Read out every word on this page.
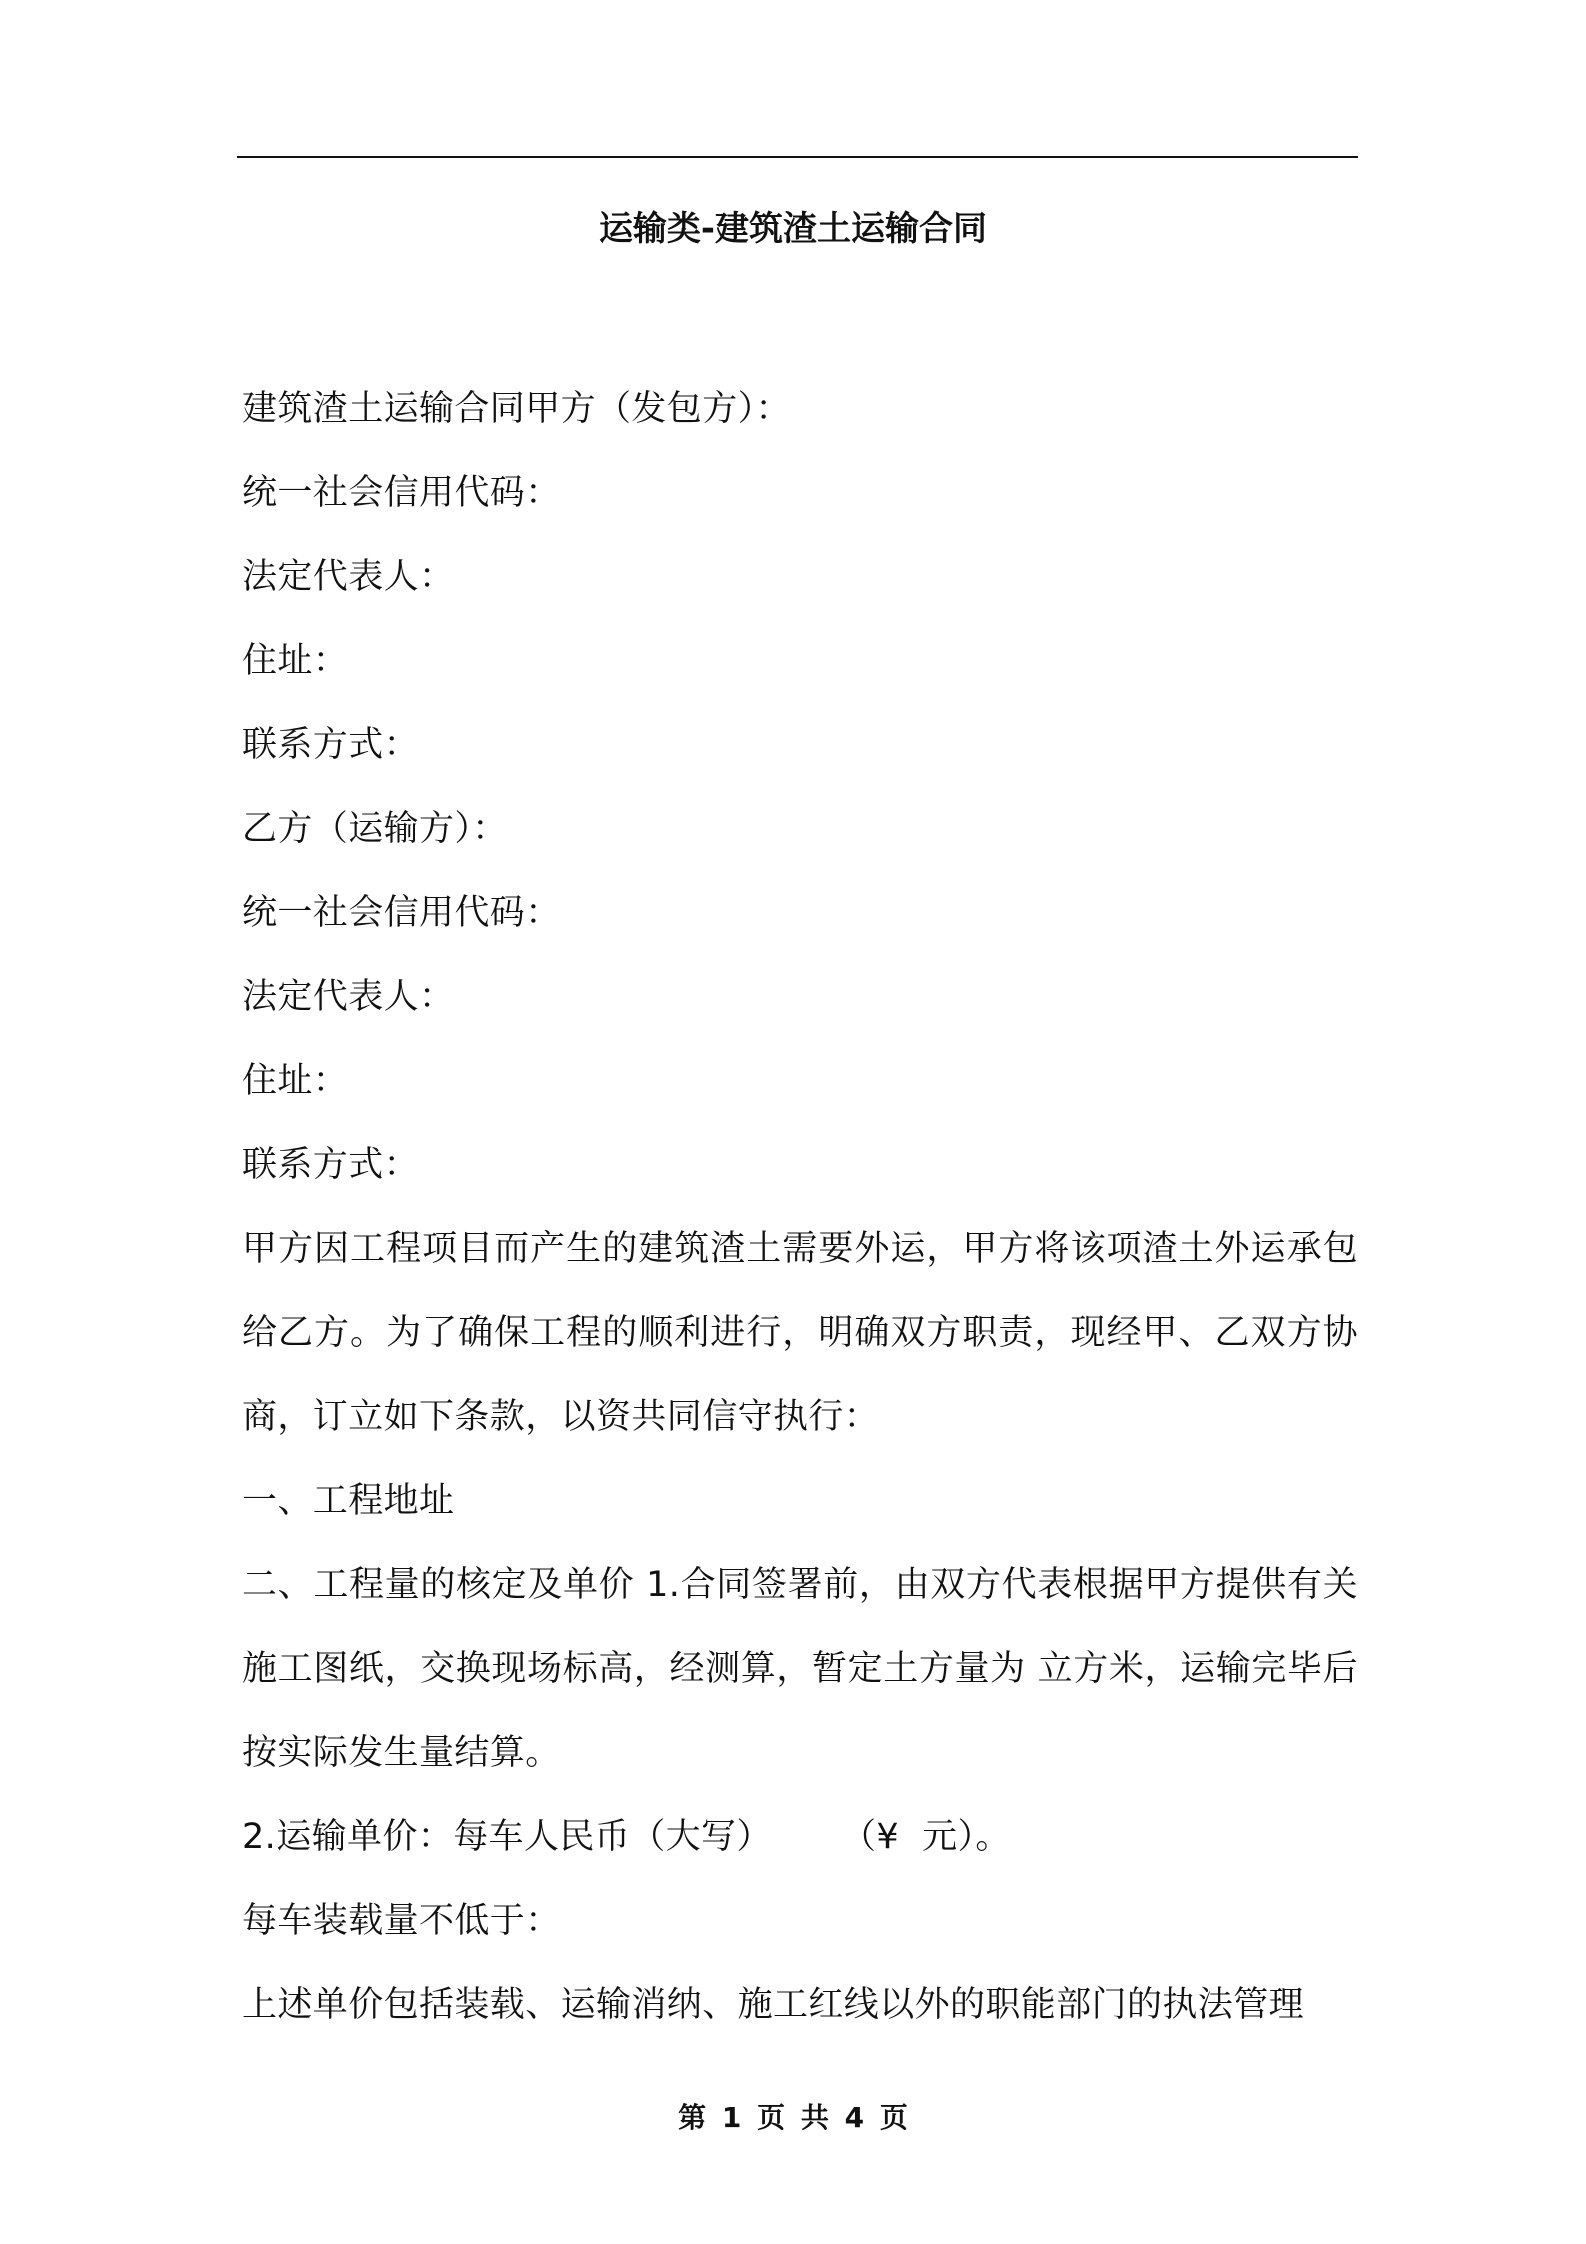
运输类-建筑渣土运输合同
建筑渣土运输合同甲方（发包方）：
统一社会信用代码：
法定代表人：
住址：
联系方式：
乙方（运输方）：
统一社会信用代码：
法定代表人：
住址：
联系方式：
甲方因工程项目而产生的建筑渣土需要外运，甲方将该项渣土外运承包给乙方。为了确保工程的顺利进行，明确双方职责，现经甲、乙双方协商，订立如下条款，以资共同信守执行：
一、工程地址
二、工程量的核定及单价 1.合同签署前，由双方代表根据甲方提供有关施工图纸，交换现场标高，经测算，暂定土方量为 立方米，运输完毕后按实际发生量结算。
2.运输单价：每车人民币（大写）      （¥  元）。
每车装载量不低于：
上述单价包括装载、运输消纳、施工红线以外的职能部门的执法管理
第 1 页 共 4 页
